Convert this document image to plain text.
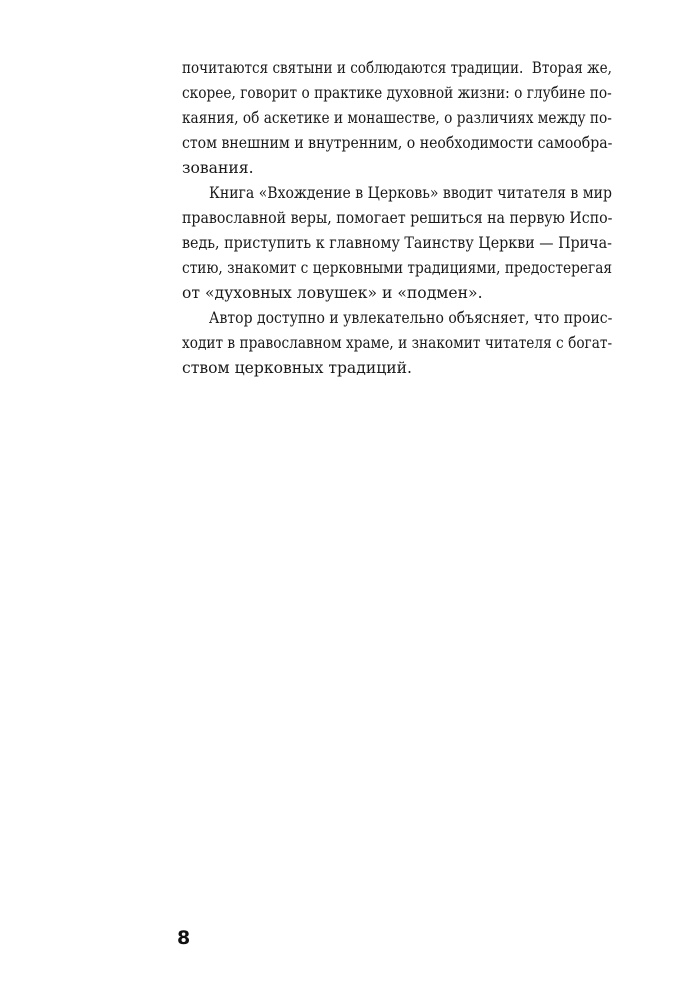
почитаются святыни и соблюдаются традиции.  Вторая же,
скорее, говорит о практике духовной жизни: о глубине по-
каяния, об аскетике и монашестве, о различиях между по-
стом внешним и внутренним, о необходимости самообра-
зования.
Книга «Вхождение в Церковь» вводит читателя в мир
православной веры, помогает решиться на первую Испо-
ведь, приступить к главному Таинству Церкви — Прича-
стию, знакомит с церковными традициями, предостерегая
от «духовных ловушек» и «подмен».
Автор доступно и увлекательно объясняет, что проис-
ходит в православном храме, и знакомит читателя с богат-
ством церковных традиций.
8
